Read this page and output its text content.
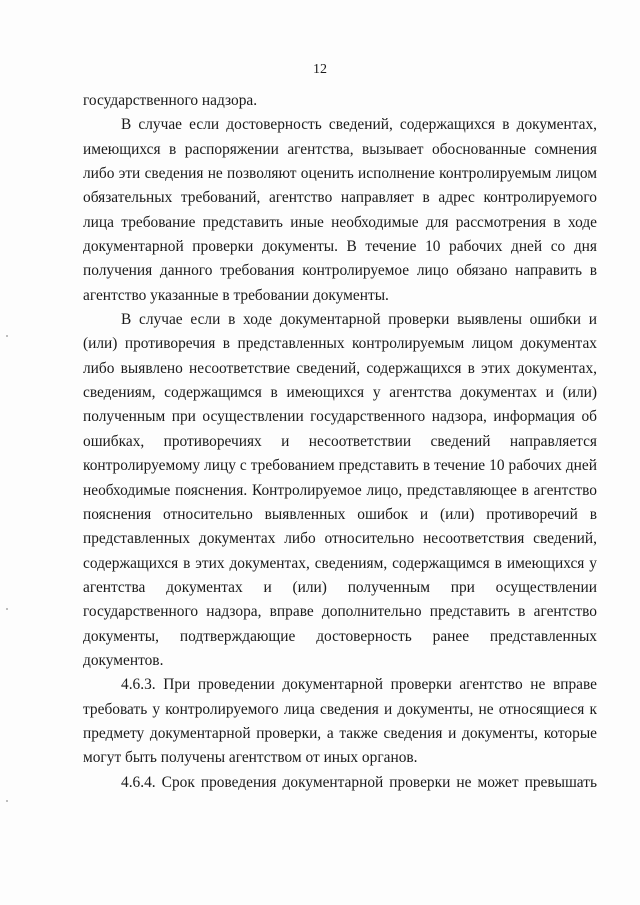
12

государственного надзора.

В случае если достоверность сведений, содержащихся в документах, имеющихся в распоряжении агентства, вызывает обоснованные сомнения либо эти сведения не позволяют оценить исполнение контролируемым лицом обязательных требований, агентство направляет в адрес контролируемого лица требование представить иные необходимые для рассмотрения в ходе документарной проверки документы. В течение 10 рабочих дней со дня получения данного требования контролируемое лицо обязано направить в агентство указанные в требовании документы.

В случае если в ходе документарной проверки выявлены ошибки и (или) противоречия в представленных контролируемым лицом документах либо выявлено несоответствие сведений, содержащихся в этих документах, сведениям, содержащимся в имеющихся у агентства документах и (или) полученным при осуществлении государственного надзора, информация об ошибках, противоречиях и несоответствии сведений направляется контролируемому лицу с требованием представить в течение 10 рабочих дней необходимые пояснения. Контролируемое лицо, представляющее в агентство пояснения относительно выявленных ошибок и (или) противоречий в представленных документах либо относительно несоответствия сведений, содержащихся в этих документах, сведениям, содержащимся в имеющихся у агентства документах и (или) полученным при осуществлении государственного надзора, вправе дополнительно представить в агентство документы, подтверждающие достоверность ранее представленных документов.

4.6.3. При проведении документарной проверки агентство не вправе требовать у контролируемого лица сведения и документы, не относящиеся к предмету документарной проверки, а также сведения и документы, которые могут быть получены агентством от иных органов.

4.6.4. Срок проведения документарной проверки не может превышать
